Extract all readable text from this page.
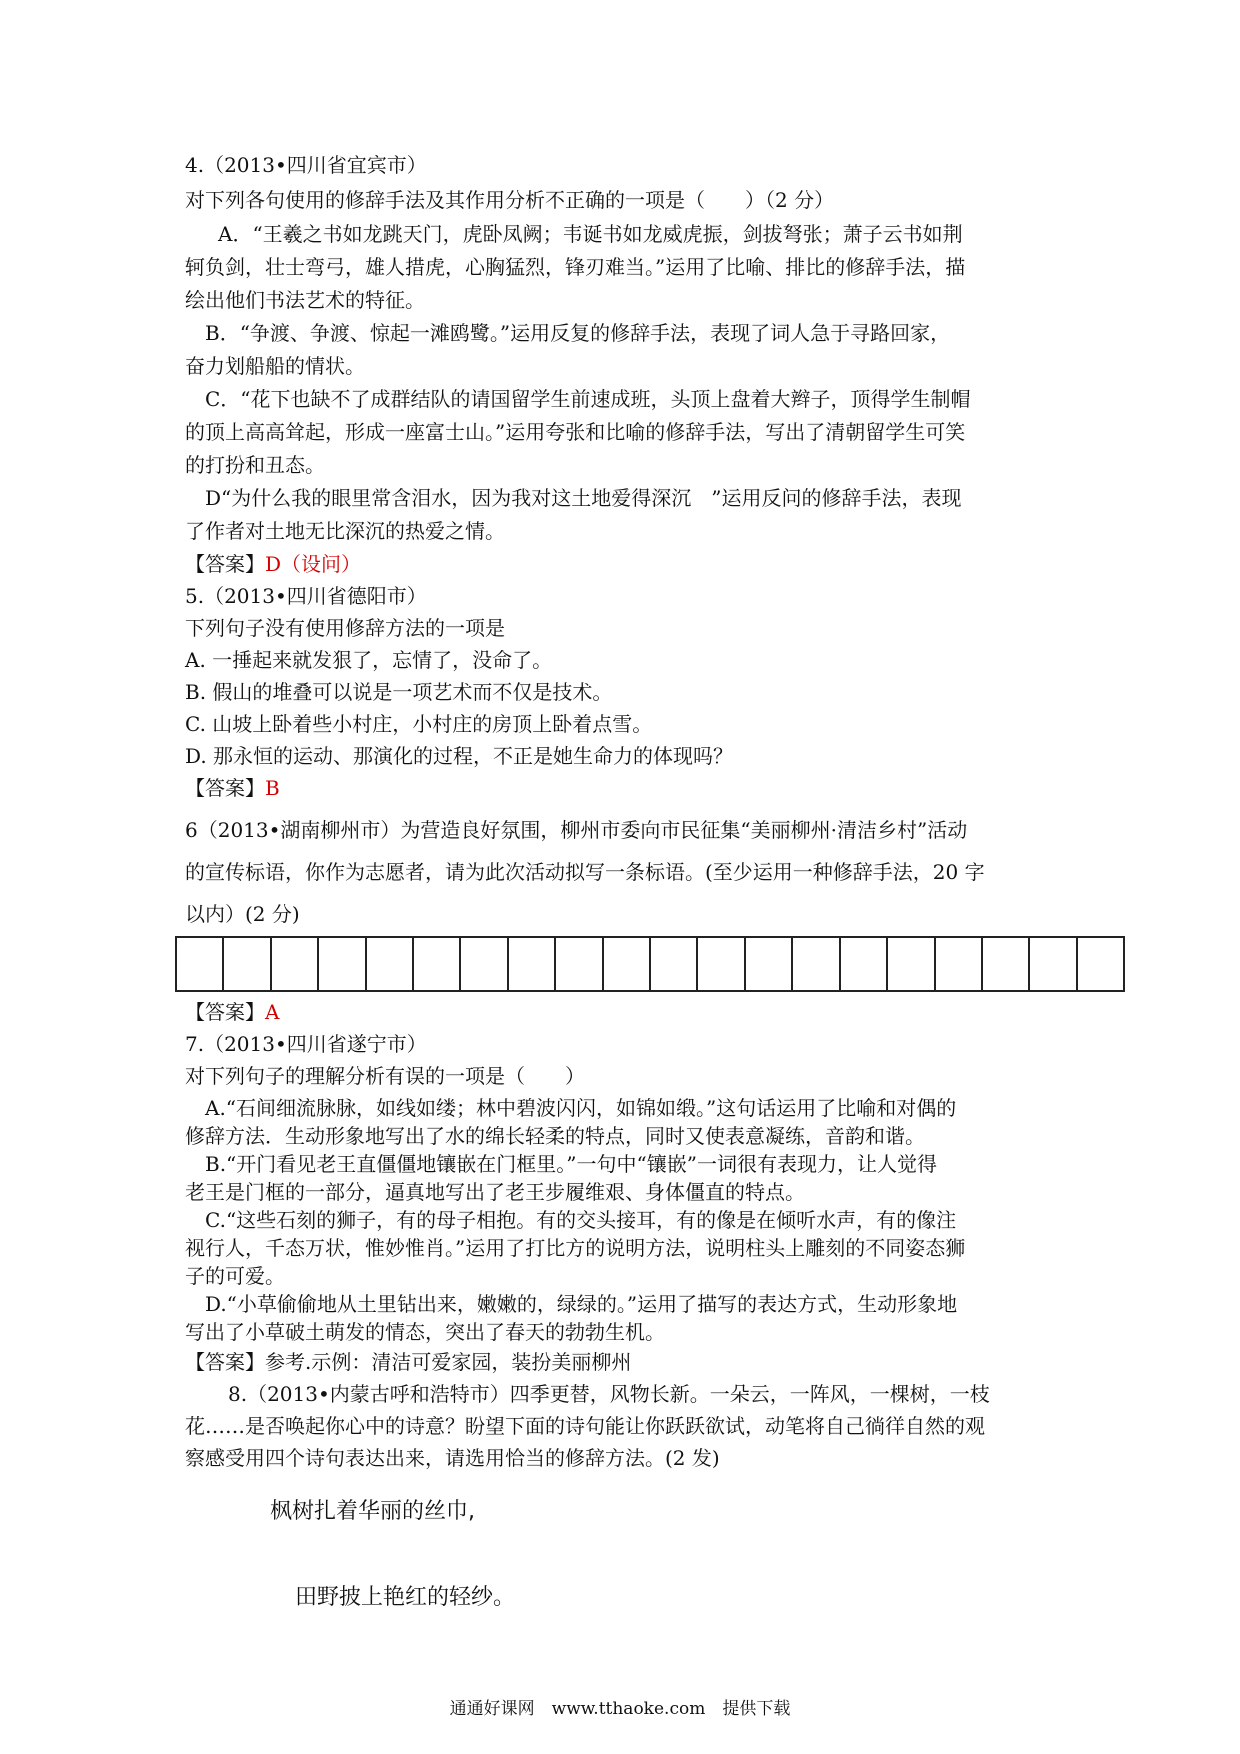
4.（2013•四川省宜宾市）
对下列各句使用的修辞手法及其作用分析不正确的一项是（　　）（2 分）
A．“王羲之书如龙跳天门，虎卧凤阙；韦诞书如龙威虎振，剑拔弩张；萧子云书如荆
轲负剑，壮士弯弓，雄人措虎，心胸猛烈，锋刃难当。”运用了比喻、排比的修辞手法，描
绘出他们书法艺术的特征。
B．“争渡、争渡、惊起一滩鸥鹭。”运用反复的修辞手法，表现了词人急于寻路回家，
奋力划船船的情状。
C．“花下也缺不了成群结队的请国留学生前速成班，头顶上盘着大辫子，顶得学生制帽
的顶上高高耸起，形成一座富士山。”运用夸张和比喻的修辞手法，写出了清朝留学生可笑
的打扮和丑态。
D“为什么我的眼里常含泪水，因为我对这土地爱得深沉　”运用反问的修辞手法，表现
了作者对土地无比深沉的热爱之情。
【答案】D（设问）
5.（2013•四川省德阳市）
下列句子没有使用修辞方法的一项是
A. 一捶起来就发狠了，忘情了，没命了。
B. 假山的堆叠可以说是一项艺术而不仅是技术。
C. 山坡上卧着些小村庄，小村庄的房顶上卧着点雪。
D. 那永恒的运动、那演化的过程，不正是她生命力的体现吗？
【答案】B
6（2013•湖南柳州市）为营造良好氛围，柳州市委向市民征集“美丽柳州·清洁乡村”活动
的宣传标语，你作为志愿者，请为此次活动拟写一条标语。(至少运用一种修辞手法，20 字
以内）(2 分)
【答案】A
7.（2013•四川省遂宁市）
对下列句子的理解分析有误的一项是（　　）
A.“石间细流脉脉，如线如缕；林中碧波闪闪，如锦如缎。”这句话运用了比喻和对偶的
修辞方法．生动形象地写出了水的绵长轻柔的特点，同时又使表意凝练，音韵和谐。
B.“开门看见老王直僵僵地镶嵌在门框里。”一句中“镶嵌”一词很有表现力，让人觉得
老王是门框的一部分，逼真地写出了老王步履维艰、身体僵直的特点。
C.“这些石刻的狮子，有的母子相抱。有的交头接耳，有的像是在倾听水声，有的像注
视行人，千态万状，惟妙惟肖。”运用了打比方的说明方法，说明柱头上雕刻的不同姿态狮
子的可爱。
D.“小草偷偷地从土里钻出来，嫩嫩的，绿绿的。”运用了描写的表达方式，生动形象地
写出了小草破土萌发的情态，突出了春天的勃勃生机。
【答案】参考.示例：清洁可爱家园，装扮美丽柳州
8.（2013•内蒙古呼和浩特市）四季更替，风物长新。一朵云，一阵风，一棵树，一枝
花……是否唤起你心中的诗意？盼望下面的诗句能让你跃跃欲试，动笔将自己徜徉自然的观
察感受用四个诗句表达出来，请选用恰当的修辞方法。(2 发)
枫树扎着华丽的丝巾,
田野披上艳红的轻纱。
通通好课网　www.tthaoke.com　提供下载
